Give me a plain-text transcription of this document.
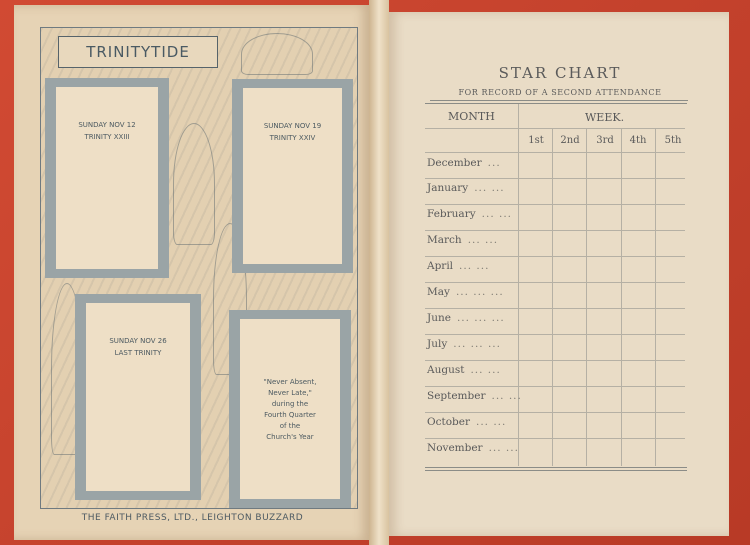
TRINITYTIDE
SUNDAY NOV 12
TRINITY XXIII
SUNDAY NOV 19
TRINITY XXIV
SUNDAY NOV 26
LAST TRINITY
"Never Absent,
Never Late,"
during the
Fourth Quarter
of the
Church's Year
THE FAITH PRESS, LTD., LEIGHTON BUZZARD
STAR CHART
FOR RECORD OF A SECOND ATTENDANCE
MONTH	WEEK.
1st	2nd	3rd	4th	5th
December ...
January ... ...
February ... ...
March ... ...
April ... ...
May ... ... ...
June ... ... ...
July ... ... ...
August ... ...
September ... ...
October ... ...
November ... ...
